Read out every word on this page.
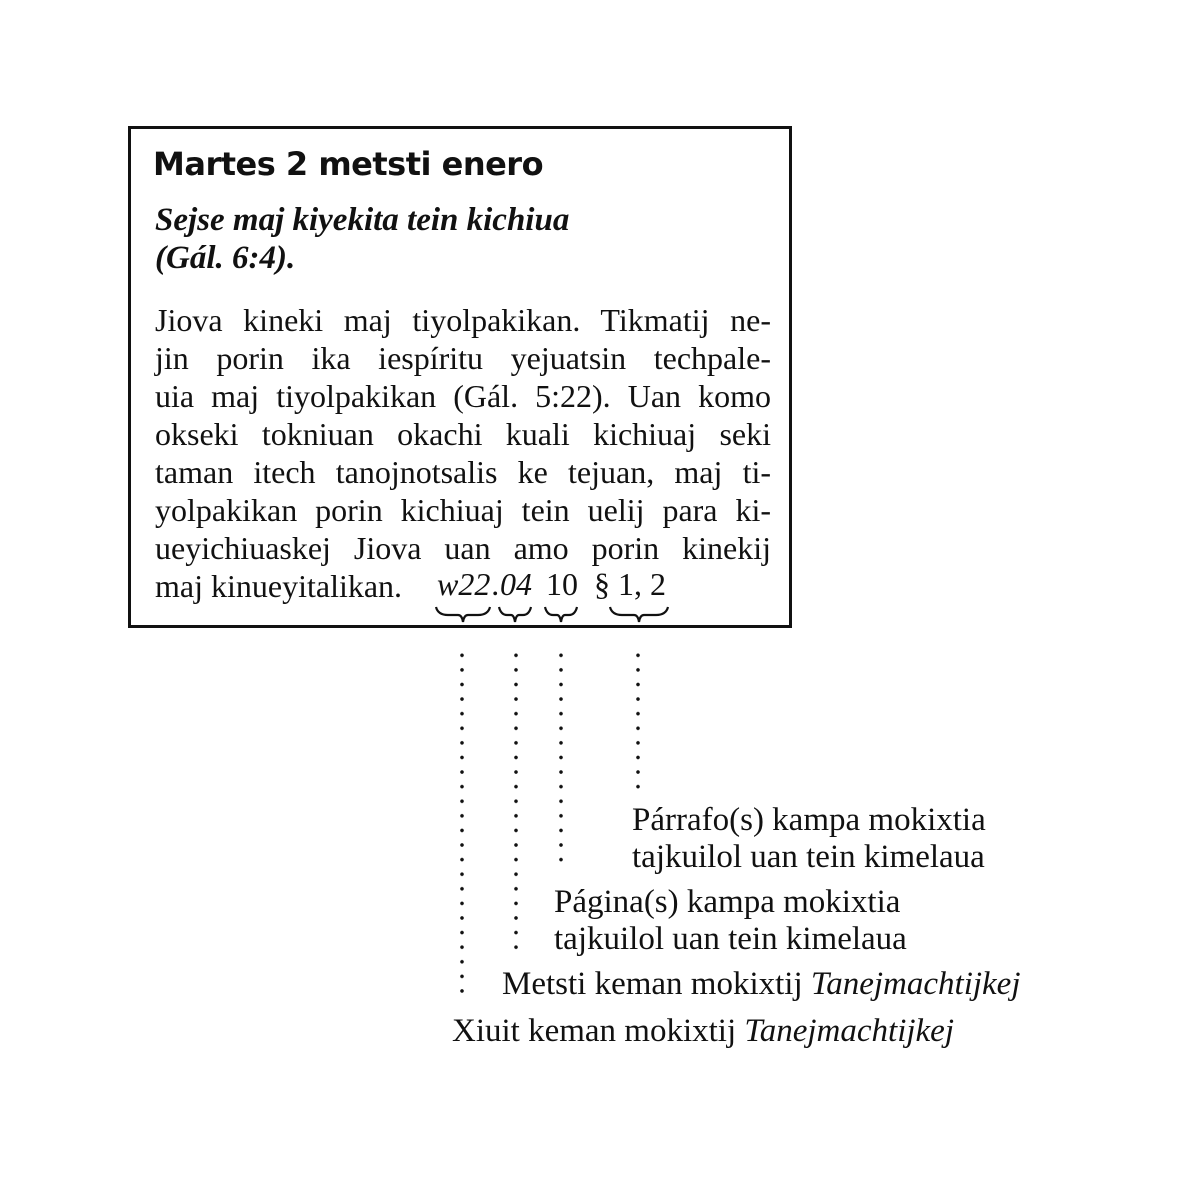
Martes 2 metsti enero
Sejse maj kiyekita tein kichiua
(Gál. 6:4).
Jiova kineki maj tiyolpakikan. Tikmatij ne-
jin porin ika iespíritu yejuatsin techpale-
uia maj tiyolpakikan (Gál. 5:22). Uan komo
okseki tokniuan okachi kuali kichiuaj seki
taman itech tanojnotsalis ke tejuan, maj ti-
yolpakikan porin kichiuaj tein uelij para ki-
ueyichiuaskej Jiova uan amo porin kinekij
maj kinueyitalikan. w22 .04 10 § 1, 2
Párrafo(s) kampa mokixtia
tajkuilol uan tein kimelaua
Página(s) kampa mokixtia
tajkuilol uan tein kimelaua
Metsti keman mokixtij Tanejmachtijkej
Xiuit keman mokixtij Tanejmachtijkej
